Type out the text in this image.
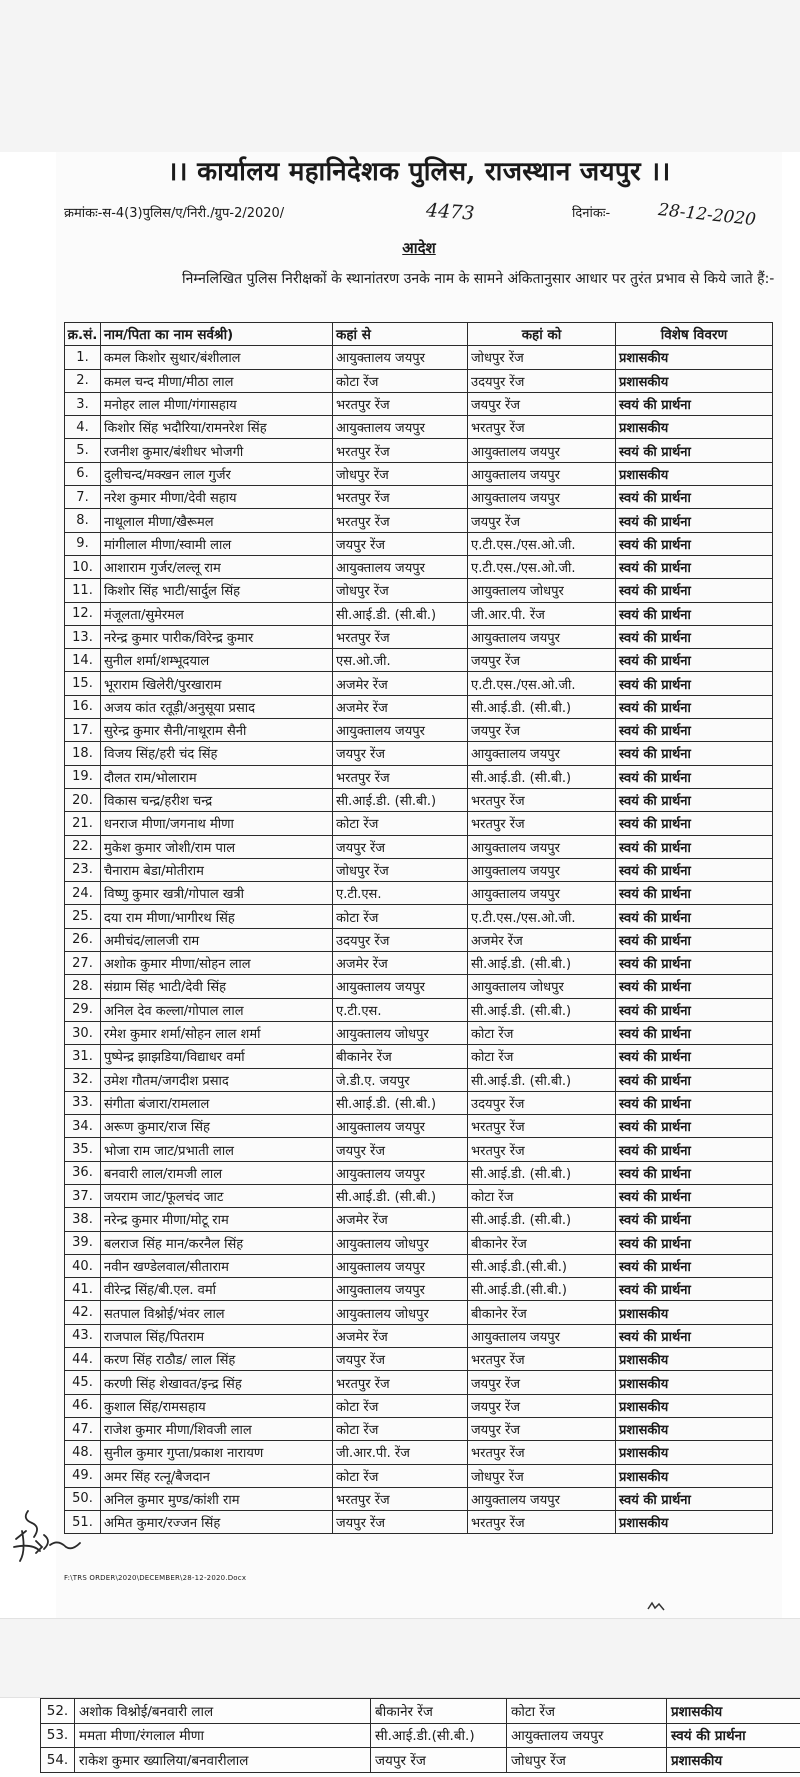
।। कार्यालय महानिदेशक पुलिस, राजस्थान जयपुर ।।
क्रमांकः-स-4(3)पुलिस/ए/निरी./ग्रुप-2/2020/	4473	दिनांकः-	28-12-2020
आदेश
निम्नलिखित पुलिस निरीक्षकों के स्थानांतरण उनके नाम के सामने अंकितानुसार आधार पर तुरंत प्रभाव से किये जाते हैं:-
क्र.सं.	नाम/पिता का नाम सर्वश्री)	कहां से	कहां को	विशेष विवरण
1.	कमल किशोर सुथार/बंशीलाल	आयुक्तालय जयपुर	जोधपुर रेंज	प्रशासकीय
2.	कमल चन्द मीणा/मीठा लाल	कोटा रेंज	उदयपुर रेंज	प्रशासकीय
3.	मनोहर लाल मीणा/गंगासहाय	भरतपुर रेंज	जयपुर रेंज	स्वयं की प्रार्थना
4.	किशोर सिंह भदौरिया/रामनरेश सिंह	आयुक्तालय जयपुर	भरतपुर रेंज	प्रशासकीय
5.	रजनीश कुमार/बंशीधर भोजगी	भरतपुर रेंज	आयुक्तालय जयपुर	स्वयं की प्रार्थना
6.	दुलीचन्द/मक्खन लाल गुर्जर	जोधपुर रेंज	आयुक्तालय जयपुर	प्रशासकीय
7.	नरेश कुमार मीणा/देवी सहाय	भरतपुर रेंज	आयुक्तालय जयपुर	स्वयं की प्रार्थना
8.	नाथूलाल मीणा/खैरूमल	भरतपुर रेंज	जयपुर रेंज	स्वयं की प्रार्थना
9.	मांगीलाल मीणा/स्वामी लाल	जयपुर रेंज	ए.टी.एस./एस.ओ.जी.	स्वयं की प्रार्थना
10.	आशाराम गुर्जर/लल्लू राम	आयुक्तालय जयपुर	ए.टी.एस./एस.ओ.जी.	स्वयं की प्रार्थना
11.	किशोर सिंह भाटी/सार्दुल सिंह	जोधपुर रेंज	आयुक्तालय जोधपुर	स्वयं की प्रार्थना
12.	मंजूलता/सुमेरमल	सी.आई.डी. (सी.बी.)	जी.आर.पी. रेंज	स्वयं की प्रार्थना
13.	नरेन्द्र कुमार पारीक/विरेन्द्र कुमार	भरतपुर रेंज	आयुक्तालय जयपुर	स्वयं की प्रार्थना
14.	सुनील शर्मा/शम्भूदयाल	एस.ओ.जी.	जयपुर रेंज	स्वयं की प्रार्थना
15.	भूराराम खिलेरी/पुरखाराम	अजमेर रेंज	ए.टी.एस./एस.ओ.जी.	स्वयं की प्रार्थना
16.	अजय कांत रतूड़ी/अनुसूया प्रसाद	अजमेर रेंज	सी.आई.डी. (सी.बी.)	स्वयं की प्रार्थना
17.	सुरेन्द्र कुमार सैनी/नाथूराम सैनी	आयुक्तालय जयपुर	जयपुर रेंज	स्वयं की प्रार्थना
18.	विजय सिंह/हरी चंद सिंह	जयपुर रेंज	आयुक्तालय जयपुर	स्वयं की प्रार्थना
19.	दौलत राम/भोलाराम	भरतपुर रेंज	सी.आई.डी. (सी.बी.)	स्वयं की प्रार्थना
20.	विकास चन्द्र/हरीश चन्द्र	सी.आई.डी. (सी.बी.)	भरतपुर रेंज	स्वयं की प्रार्थना
21.	धनराज मीणा/जगनाथ मीणा	कोटा रेंज	भरतपुर रेंज	स्वयं की प्रार्थना
22.	मुकेश कुमार जोशी/राम पाल	जयपुर रेंज	आयुक्तालय जयपुर	स्वयं की प्रार्थना
23.	चैनाराम बेडा/मोतीराम	जोधपुर रेंज	आयुक्तालय जयपुर	स्वयं की प्रार्थना
24.	विष्णु कुमार खत्री/गोपाल खत्री	ए.टी.एस.	आयुक्तालय जयपुर	स्वयं की प्रार्थना
25.	दया राम मीणा/भागीरथ सिंह	कोटा रेंज	ए.टी.एस./एस.ओ.जी.	स्वयं की प्रार्थना
26.	अमीचंद/लालजी राम	उदयपुर रेंज	अजमेर रेंज	स्वयं की प्रार्थना
27.	अशोक कुमार मीणा/सोहन लाल	अजमेर रेंज	सी.आई.डी. (सी.बी.)	स्वयं की प्रार्थना
28.	संग्राम सिंह भाटी/देवी सिंह	आयुक्तालय जयपुर	आयुक्तालय जोधपुर	स्वयं की प्रार्थना
29.	अनिल देव कल्ला/गोपाल लाल	ए.टी.एस.	सी.आई.डी. (सी.बी.)	स्वयं की प्रार्थना
30.	रमेश कुमार शर्मा/सोहन लाल शर्मा	आयुक्तालय जोधपुर	कोटा रेंज	स्वयं की प्रार्थना
31.	पुष्पेन्द्र झाझडिया/विद्याधर वर्मा	बीकानेर रेंज	कोटा रेंज	स्वयं की प्रार्थना
32.	उमेश गौतम/जगदीश प्रसाद	जे.डी.ए. जयपुर	सी.आई.डी. (सी.बी.)	स्वयं की प्रार्थना
33.	संगीता बंजारा/रामलाल	सी.आई.डी. (सी.बी.)	उदयपुर रेंज	स्वयं की प्रार्थना
34.	अरूण कुमार/राज सिंह	आयुक्तालय जयपुर	भरतपुर रेंज	स्वयं की प्रार्थना
35.	भोजा राम जाट/प्रभाती लाल	जयपुर रेंज	भरतपुर रेंज	स्वयं की प्रार्थना
36.	बनवारी लाल/रामजी लाल	आयुक्तालय जयपुर	सी.आई.डी. (सी.बी.)	स्वयं की प्रार्थना
37.	जयराम जाट/फूलचंद जाट	सी.आई.डी. (सी.बी.)	कोटा रेंज	स्वयं की प्रार्थना
38.	नरेन्द्र कुमार मीणा/मोटू राम	अजमेर रेंज	सी.आई.डी. (सी.बी.)	स्वयं की प्रार्थना
39.	बलराज सिंह मान/करनैल सिंह	आयुक्तालय जोधपुर	बीकानेर रेंज	स्वयं की प्रार्थना
40.	नवीन खण्डेलवाल/सीताराम	आयुक्तालय जयपुर	सी.आई.डी.(सी.बी.)	स्वयं की प्रार्थना
41.	वीरेन्द्र सिंह/बी.एल. वर्मा	आयुक्तालय जयपुर	सी.आई.डी.(सी.बी.)	स्वयं की प्रार्थना
42.	सतपाल विश्नोई/भंवर लाल	आयुक्तालय जोधपुर	बीकानेर रेंज	प्रशासकीय
43.	राजपाल सिंह/पितराम	अजमेर रेंज	आयुक्तालय जयपुर	स्वयं की प्रार्थना
44.	करण सिंह राठौड/ लाल सिंह	जयपुर रेंज	भरतपुर रेंज	प्रशासकीय
45.	करणी सिंह शेखावत/इन्द्र सिंह	भरतपुर रेंज	जयपुर रेंज	प्रशासकीय
46.	कुशाल सिंह/रामसहाय	कोटा रेंज	जयपुर रेंज	प्रशासकीय
47.	राजेश कुमार मीणा/शिवजी लाल	कोटा रेंज	जयपुर रेंज	प्रशासकीय
48.	सुनील कुमार गुप्ता/प्रकाश नारायण	जी.आर.पी. रेंज	भरतपुर रेंज	प्रशासकीय
49.	अमर सिंह रत्नू/बैजदान	कोटा रेंज	जोधपुर रेंज	प्रशासकीय
50.	अनिल कुमार मुण्ड/कांशी राम	भरतपुर रेंज	आयुक्तालय जयपुर	स्वयं की प्रार्थना
51.	अमित कुमार/रज्जन सिंह	जयपुर रेंज	भरतपुर रेंज	प्रशासकीय
F:\TRS ORDER\2020\DECEMBER\28-12-2020.Docx
52.	अशोक विश्नोई/बनवारी लाल	बीकानेर रेंज	कोटा रेंज	प्रशासकीय
53.	ममता मीणा/रंगलाल मीणा	सी.आई.डी.(सी.बी.)	आयुक्तालय जयपुर	स्वयं की प्रार्थना
54.	राकेश कुमार ख्यालिया/बनवारीलाल	जयपुर रेंज	जोधपुर रेंज	प्रशासकीय
